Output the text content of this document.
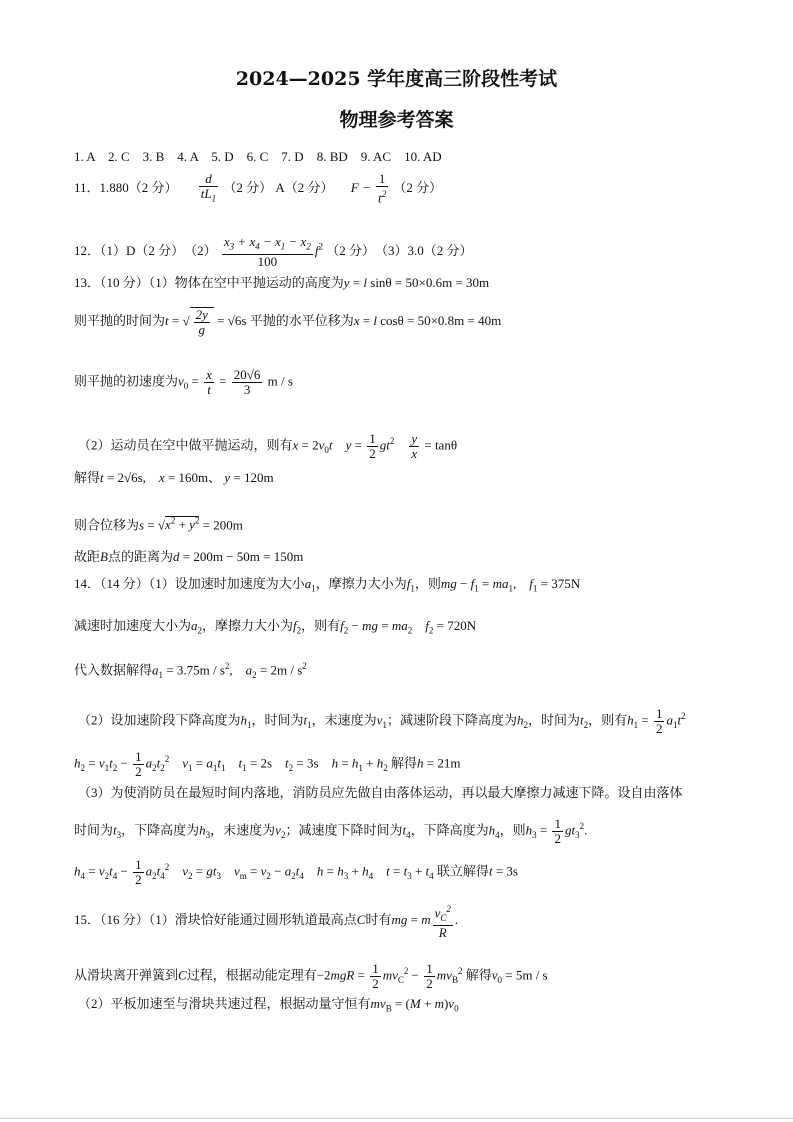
2024—2025 学年度高三阶段性考试
物理参考答案
1. A　2. C　3. B　4. A　5. D　6. C　7. D　8. BD　9. AC　10. AD
11．1.880（2 分） $\frac{d}{tL_1} (2$ 分） A（2 分） $F - \frac{1}{t^2} (2$ 分）
12．（1）D（2 分）　$(2) \frac{x_3 + x_4 - x_1 - x_2}{100} f^2$ （2 分）　（3）3.0（2 分）
13．（10 分）（1）物体在空中平抛运动的高度为y = l sinθ = 50×0.6m = 30m
则平抛的时间为t = √ $\frac{2y}{g} = √6s$ 平抛的水平位移为x = l cosθ = 50×0.8m = 40m
则平抛的初速度为$v_0 = \frac{x}{t} = \frac{20√6}{3}$ m / s
（2）运动员在空中做平抛运动，则有$x = 2v_0t$　 $y = \frac{1}{2} gt^2$　 $\frac{y}{x} = \tan\theta$
解得t = 2√6s,　x = 160m、 y = 120m
则合位移为$s = √x^2 + y^2 = 200m$
故距B点的距离为d = 200m − 50m = 150m
14．（14 分）（1）设加速时加速度为大小$a_1$，摩擦力大小为$f_1$，则mg − $f_1 = ma_1$,　$f_1 = 375N$
减速时加速度大小为$a_2$，摩擦力大小为$f_2$，则有$f_2$ − mg = $ma_2$　 $f_2 = 720N$
代入数据解得$a_1 = 3.75m / s^2$,　$a_2 = 2m / s^2$
（2）设加速阶段下降高度为$h_1$，时间为$t_1$，末速度为$v_1$；减速阶段下降高度为$h_2$，时间为$t_2$，则有$h_1 = \frac{1}{2} a_1t^2$
$h_2 = v_1t_2 - \frac{1}{2} a_2t_2^2$　 $v_1 = a_1t_1$　 $t_1 = 2s$　$t_2 = 3s$　$h = h_1 + h_2$ 解得h = 21m
（3）为使消防员在最短时间内落地，消防员应先做自由落体运动，再以最大摩擦力减速下降。设自由落体
时间为$t_3$，下降高度为$h_3$，末速度为$v_2$；减速度下降时间为$t_4$，下降高度为$h_4$，则$h_3 = \frac{1}{2} gt_3^2$.
$h_4 = v_2t_4 - \frac{1}{2} a_2t_4^2$　 $v_2 = gt_3$　 $v_m = v_2 - a_2t_4$　 $h = h_3 + h_4$　 $t = t_3 + t_4$ 联立解得t = 3s
15．（16 分）（1）滑块恰好能通过圆形轨道最高点C时有mg = m $\frac{v_C^2}{R}$ .
从滑块离开弹簧到C过程，根据动能定理有$-2mgR = \frac{1}{2} mv_C^2 - \frac{1}{2} mv_B^2$ 解得$v_0 = 5m / s$
（2）平板加速至与滑块共速过程，根据动量守恒有$mv_B = (M + m)v_0$
